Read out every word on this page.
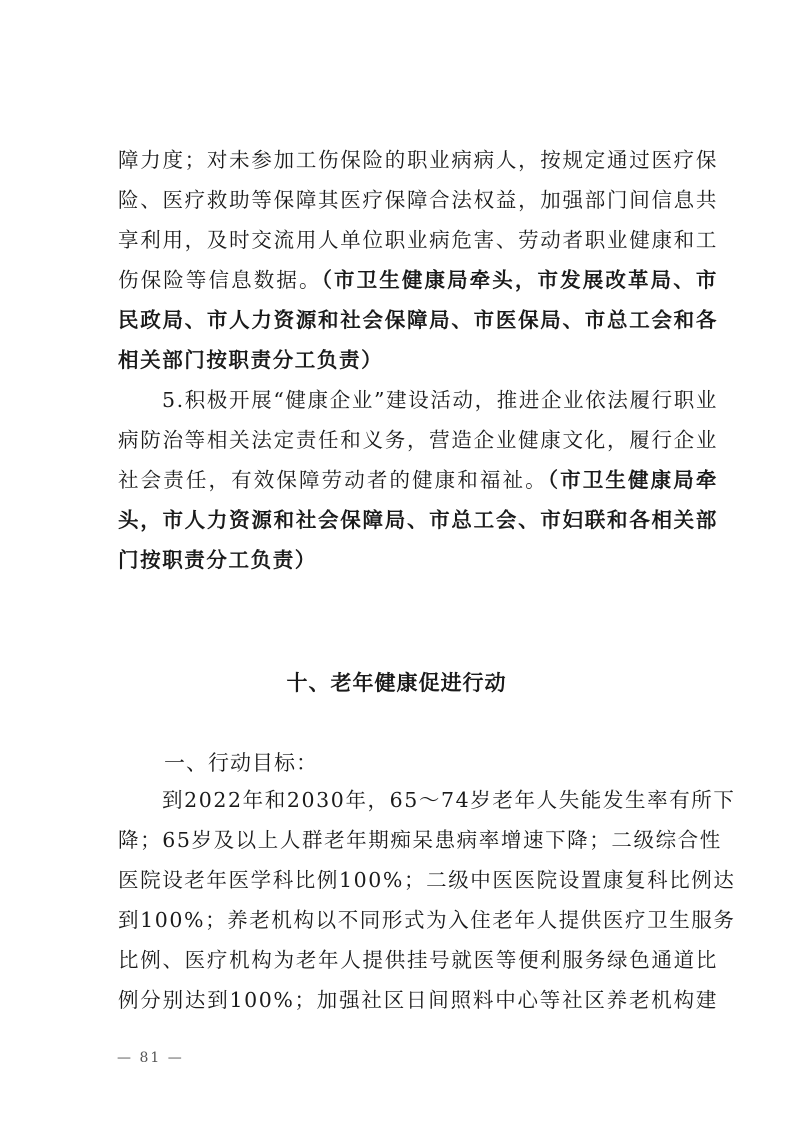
障力度；对未参加工伤保险的职业病病人，按规定通过医疗保
险、医疗救助等保障其医疗保障合法权益，加强部门间信息共
享利用，及时交流用人单位职业病危害、劳动者职业健康和工
伤保险等信息数据。（市卫生健康局牵头，市发展改革局、市
民政局、市人力资源和社会保障局、市医保局、市总工会和各
相关部门按职责分工负责）
5.积极开展“健康企业”建设活动，推进企业依法履行职业
病防治等相关法定责任和义务，营造企业健康文化，履行企业
社会责任，有效保障劳动者的健康和福祉。（市卫生健康局牵
头，市人力资源和社会保障局、市总工会、市妇联和各相关部
门按职责分工负责）
十、老年健康促进行动
一、行动目标：
到2022年和2030年，65～74岁老年人失能发生率有所下
降；65岁及以上人群老年期痴呆患病率增速下降；二级综合性
医院设老年医学科比例100%；二级中医医院设置康复科比例达
到100%；养老机构以不同形式为入住老年人提供医疗卫生服务
比例、医疗机构为老年人提供挂号就医等便利服务绿色通道比
例分别达到100%；加强社区日间照料中心等社区养老机构建
— 81 —
